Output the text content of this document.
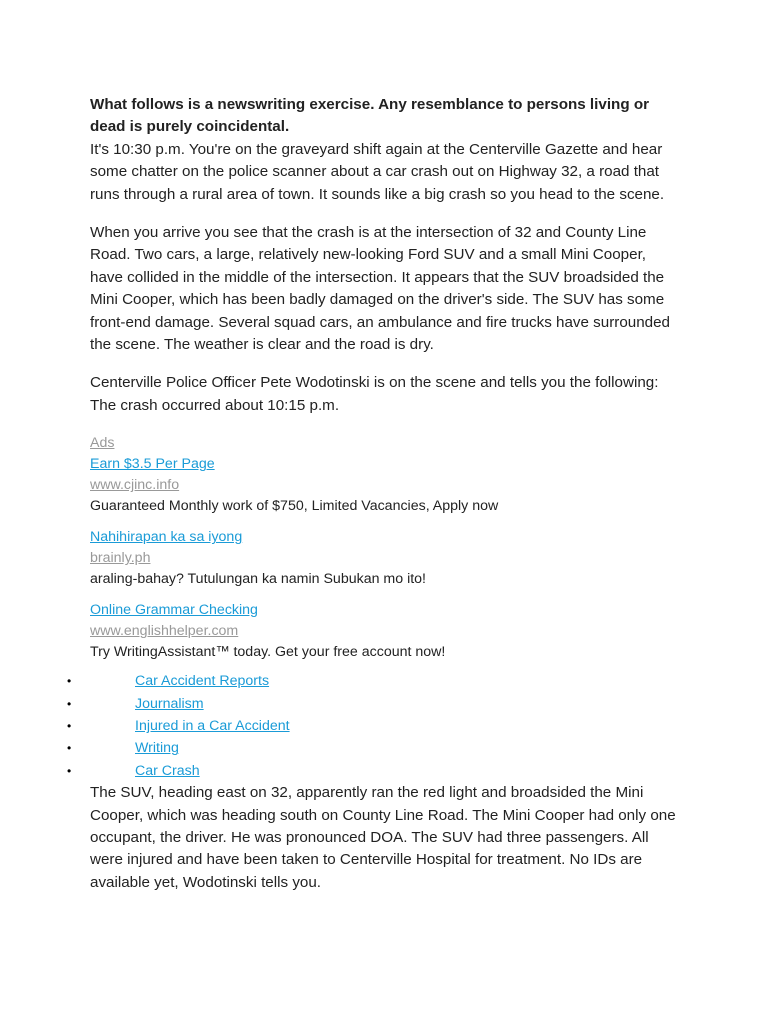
What follows is a newswriting exercise. Any resemblance to persons living or dead is purely coincidental.

It's 10:30 p.m. You're on the graveyard shift again at the Centerville Gazette and hear some chatter on the police scanner about a car crash out on Highway 32, a road that runs through a rural area of town. It sounds like a big crash so you head to the scene.

When you arrive you see that the crash is at the intersection of 32 and County Line Road. Two cars, a large, relatively new-looking Ford SUV and a small Mini Cooper, have collided in the middle of the intersection. It appears that the SUV broadsided the Mini Cooper, which has been badly damaged on the driver's side. The SUV has some front-end damage. Several squad cars, an ambulance and fire trucks have surrounded the scene. The weather is clear and the road is dry.

Centerville Police Officer Pete Wodotinski is on the scene and tells you the following: The crash occurred about 10:15 p.m.

Ads
Earn $3.5 Per Page
www.cjinc.info
Guaranteed Monthly work of $750, Limited Vacancies, Apply now
Nahihirapan ka sa iyong
brainly.ph
araling-bahay? Tutulungan ka namin Subukan mo ito!
Online Grammar Checking
www.englishhelper.com
Try WritingAssistant™ today. Get your free account now!
•	Car Accident Reports
•	Journalism
•	Injured in a Car Accident
•	Writing
•	Car Crash

The SUV, heading east on 32, apparently ran the red light and broadsided the Mini Cooper, which was heading south on County Line Road. The Mini Cooper had only one occupant, the driver. He was pronounced DOA. The SUV had three passengers. All were injured and have been taken to Centerville Hospital for treatment. No IDs are available yet, Wodotinski tells you.
